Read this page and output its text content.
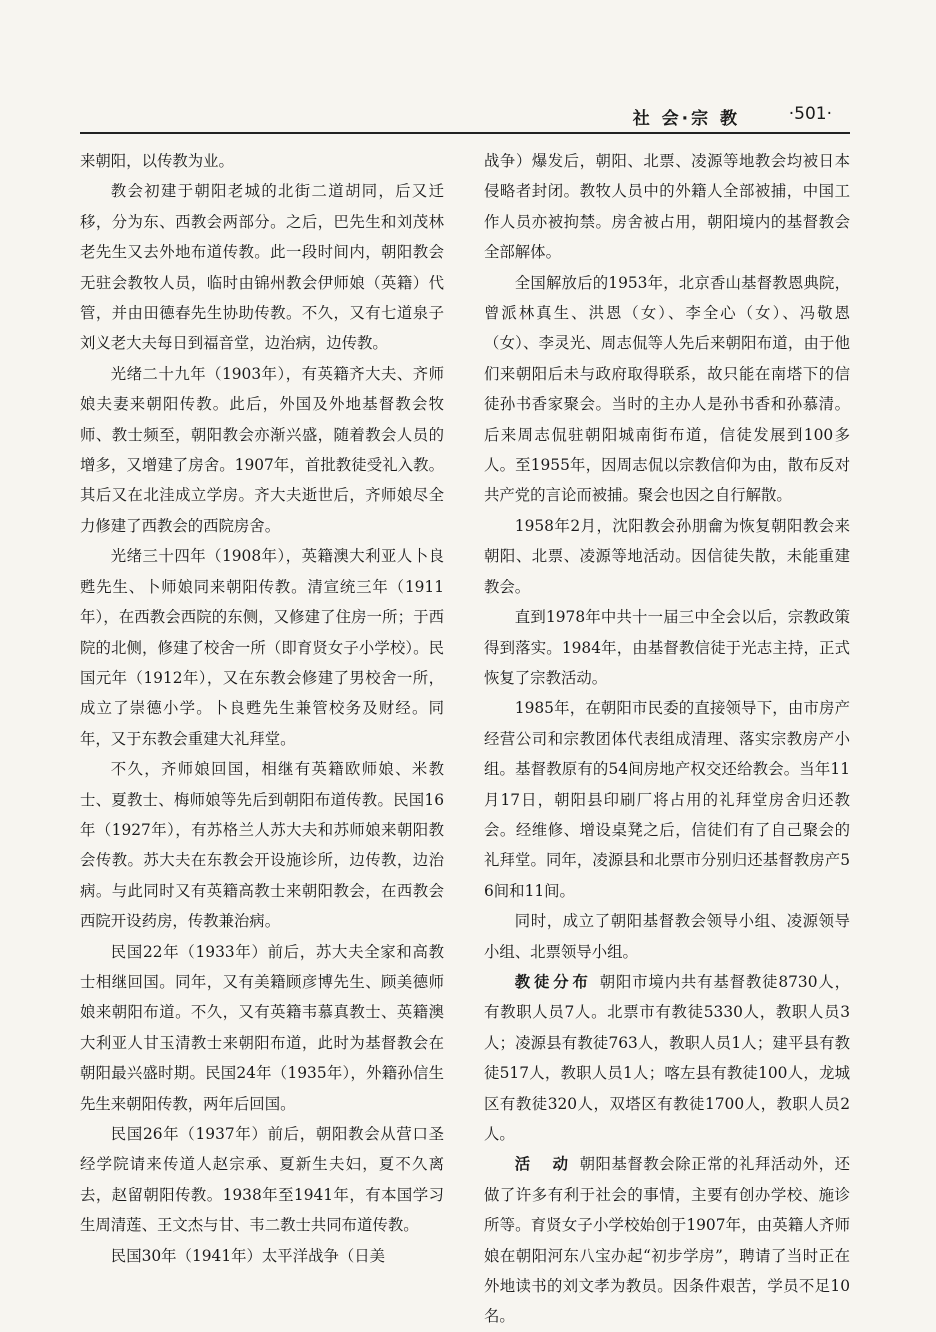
社 会·宗 教	·501·

来朝阳，以传教为业。

教会初建于朝阳老城的北街二道胡同，后又迁移，分为东、西教会两部分。之后，巴先生和刘茂林老先生又去外地布道传教。此一段时间内，朝阳教会无驻会教牧人员，临时由锦州教会伊师娘（英籍）代管，并由田德春先生协助传教。不久，又有七道泉子刘义老大夫每日到福音堂，边治病，边传教。

光绪二十九年（1903年），有英籍齐大夫、齐师娘夫妻来朝阳传教。此后，外国及外地基督教会牧师、教士频至，朝阳教会亦渐兴盛，随着教会人员的增多，又增建了房舍。1907年，首批教徒受礼入教。其后又在北洼成立学房。齐大夫逝世后，齐师娘尽全力修建了西教会的西院房舍。

光绪三十四年（1908年），英籍澳大利亚人卜良甦先生、卜师娘同来朝阳传教。清宣统三年（1911年），在西教会西院的东侧，又修建了住房一所；于西院的北侧，修建了校舍一所（即育贤女子小学校）。民国元年（1912年），又在东教会修建了男校舍一所，成立了崇德小学。卜良甦先生兼管校务及财经。同年，又于东教会重建大礼拜堂。

不久，齐师娘回国，相继有英籍欧师娘、米教士、夏教士、梅师娘等先后到朝阳布道传教。民国16年（1927年），有苏格兰人苏大夫和苏师娘来朝阳教会传教。苏大夫在东教会开设施诊所，边传教，边治病。与此同时又有英籍高教士来朝阳教会，在西教会西院开设药房，传教兼治病。

民国22年（1933年）前后，苏大夫全家和高教士相继回国。同年，又有美籍顾彦博先生、顾美德师娘来朝阳布道。不久，又有英籍韦慕真教士、英籍澳大利亚人甘玉清教士来朝阳布道，此时为基督教会在朝阳最兴盛时期。民国24年（1935年），外籍孙信生先生来朝阳传教，两年后回国。

民国26年（1937年）前后，朝阳教会从营口圣经学院请来传道人赵宗承、夏新生夫妇，夏不久离去，赵留朝阳传教。1938年至1941年，有本国学习生周清莲、王文杰与甘、韦二教士共同布道传教。

民国30年（1941年）太平洋战争（日美

战争）爆发后，朝阳、北票、凌源等地教会均被日本侵略者封闭。教牧人员中的外籍人全部被捕，中国工作人员亦被拘禁。房舍被占用，朝阳境内的基督教会全部解体。

全国解放后的1953年，北京香山基督教恩典院，曾派林真生、洪恩（女）、李全心（女）、冯敬恩（女）、李灵光、周志侃等人先后来朝阳布道，由于他们来朝阳后未与政府取得联系，故只能在南塔下的信徒孙书香家聚会。当时的主办人是孙书香和孙慕清。后来周志侃驻朝阳城南街布道，信徒发展到100多人。至1955年，因周志侃以宗教信仰为由，散布反对共产党的言论而被捕。聚会也因之自行解散。

1958年2月，沈阳教会孙朋龠为恢复朝阳教会来朝阳、北票、凌源等地活动。因信徒失散，未能重建教会。

直到1978年中共十一届三中全会以后，宗教政策得到落实。1984年，由基督教信徒于光志主持，正式恢复了宗教活动。

1985年，在朝阳市民委的直接领导下，由市房产经营公司和宗教团体代表组成清理、落实宗教房产小组。基督教原有的54间房地产权交还给教会。当年11月17日，朝阳县印刷厂将占用的礼拜堂房舍归还教会。经维修、增设桌凳之后，信徒们有了自己聚会的礼拜堂。同年，凌源县和北票市分别归还基督教房产56间和11间。

同时，成立了朝阳基督教会领导小组、凌源领导小组、北票领导小组。

教徒分布 朝阳市境内共有基督教徒8730人，有教职人员7人。北票市有教徒5330人，教职人员3人；凌源县有教徒763人，教职人员1人；建平县有教徒517人，教职人员1人；喀左县有教徒100人，龙城区有教徒320人，双塔区有教徒1700人，教职人员2人。

活　动 朝阳基督教会除正常的礼拜活动外，还做了许多有利于社会的事情，主要有创办学校、施诊所等。育贤女子小学校始创于1907年，由英籍人齐师娘在朝阳河东八宝办起“初步学房”，聘请了当时正在外地读书的刘文孝为教员。因条件艰苦，学员不足10名。
